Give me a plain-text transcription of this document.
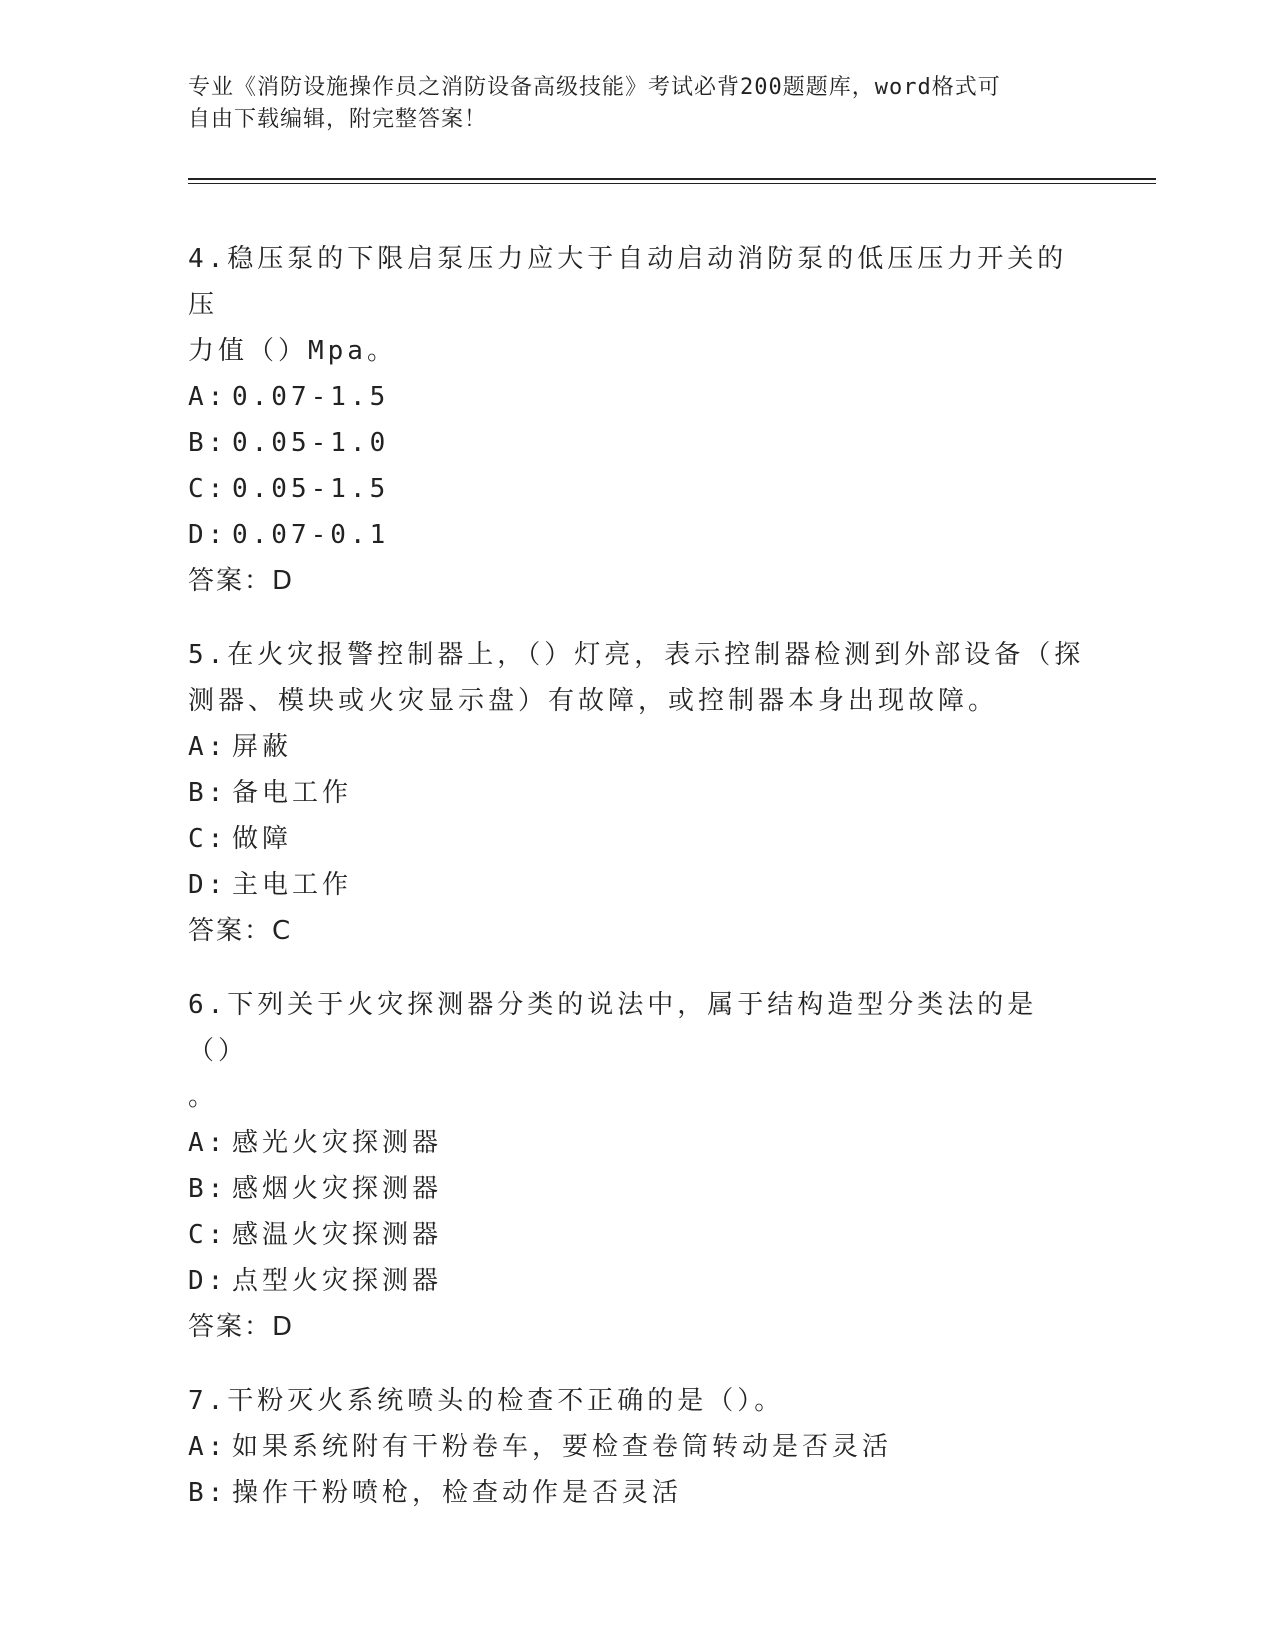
专业《消防设施操作员之消防设备高级技能》考试必背200题题库，word格式可
自由下载编辑，附完整答案！

4.稳压泵的下限启泵压力应大于自动启动消防泵的低压压力开关的压
力值（）Mpa。

A: 0.07-1.5

B: 0.05-1.0

C: 0.05-1.5

D: 0.07-0.1

答案：D

5.在火灾报警控制器上，（）灯亮，表示控制器检测到外部设备（探
测器、模块或火灾显示盘）有故障，或控制器本身出现故障。

A: 屏蔽

B: 备电工作

C: 做障

D: 主电工作

答案：C

6.下列关于火灾探测器分类的说法中，属于结构造型分类法的是（）
。

A: 感光火灾探测器

B: 感烟火灾探测器

C: 感温火灾探测器

D: 点型火灾探测器

答案：D

7.干粉灭火系统喷头的检查不正确的是（）。

A: 如果系统附有干粉卷车，要检查卷筒转动是否灵活

B: 操作干粉喷枪，检查动作是否灵活
